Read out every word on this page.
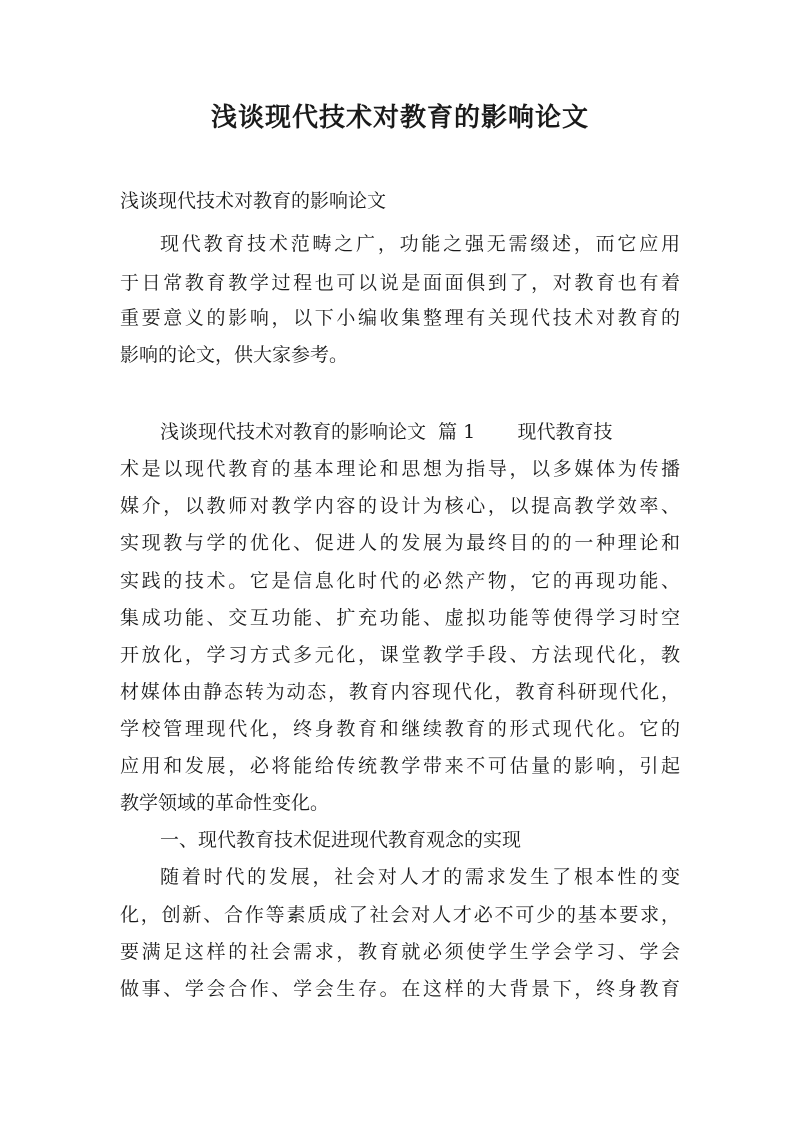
浅谈现代技术对教育的影响论文

浅谈现代技术对教育的影响论文

现代教育技术范畴之广，功能之强无需缀述，而它应用

于日常教育教学过程也可以说是面面俱到了，对教育也有着

重要意义的影响，以下小编收集整理有关现代技术对教育的

影响的论文，供大家参考。

浅谈现代技术对教育的影响论文  篇 1       现代教育技

术是以现代教育的基本理论和思想为指导，以多媒体为传播

媒介，以教师对教学内容的设计为核心，以提高教学效率、

实现教与学的优化、促进人的发展为最终目的的一种理论和

实践的技术。它是信息化时代的必然产物，它的再现功能、

集成功能、交互功能、扩充功能、虚拟功能等使得学习时空

开放化，学习方式多元化，课堂教学手段、方法现代化，教

材媒体由静态转为动态，教育内容现代化，教育科研现代化，

学校管理现代化，终身教育和继续教育的形式现代化。它的

应用和发展，必将能给传统教学带来不可估量的影响，引起

教学领域的革命性变化。

一、现代教育技术促进现代教育观念的实现

随着时代的发展，社会对人才的需求发生了根本性的变

化，创新、合作等素质成了社会对人才必不可少的基本要求，

要满足这样的社会需求，教育就必须使学生学会学习、学会

做事、学会合作、学会生存。在这样的大背景下，终身教育
